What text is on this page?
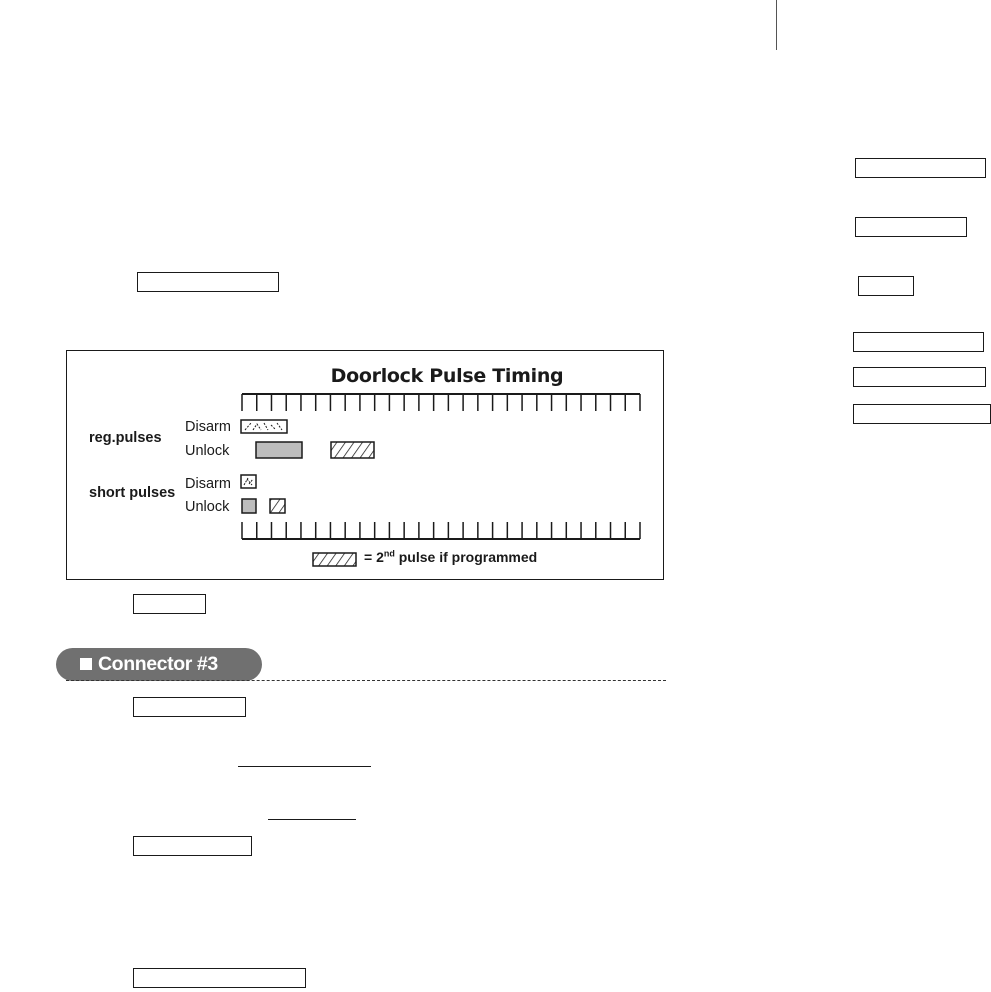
Doorlock Pulse Timing
reg.pulses
Disarm
Unlock
short pulses
Disarm
Unlock
= 2nd pulse if programmed
Connector #3
